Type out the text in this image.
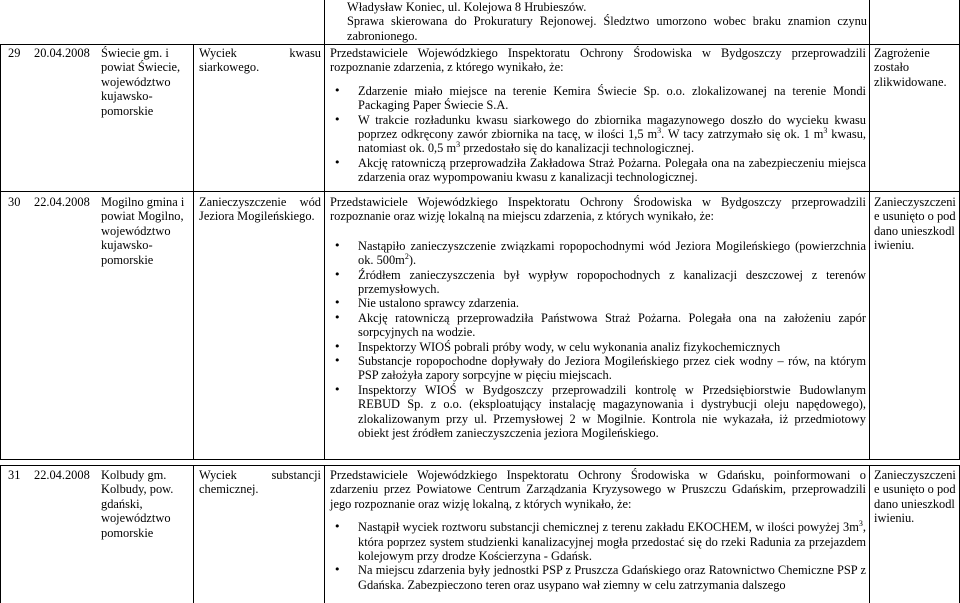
Władysław Koniec, ul. Kolejowa 8 Hrubieszów.
Sprawa skierowana do Prokuratury Rejonowej. Śledztwo umorzono wobec braku znamion czynu zabronionego.
29 20.04.2008 Świecie gm. i powiat Świecie, województwo kujawsko-pomorskie
Wyciek kwasu siarkowego.
Przedstawiciele Wojewódzkiego Inspektoratu Ochrony Środowiska w Bydgoszczy przeprowadzili rozpoznanie zdarzenia, z którego wynikało, że:
• Zdarzenie miało miejsce na terenie Kemira Świecie Sp. o.o. zlokalizowanej na terenie Mondi Packaging Paper Świecie S.A.
• W trakcie rozładunku kwasu siarkowego do zbiornika magazynowego doszło do wycieku kwasu poprzez odkręcony zawór zbiornika na tacę, w ilości 1,5 $m^3$. W tacy zatrzymało się ok. 1 $m^3$ kwasu, natomiast ok. 0,5 $m^3$ przedostało się do kanalizacji technologicznej.
• Akcję ratowniczą przeprowadziła Zakładowa Straż Pożarna. Polegała ona na zabezpieczeniu miejsca zdarzenia oraz wypompowaniu kwasu z kanalizacji technologicznej.
Zagrożenie zostało zlikwidowane.
30 22.04.2008 Mogilno gmina i powiat Mogilno, województwo kujawsko-pomorskie
Zanieczyszczenie wód Jeziora Mogileńskiego.
Przedstawiciele Wojewódzkiego Inspektoratu Ochrony Środowiska w Bydgoszczy przeprowadzili rozpoznanie oraz wizję lokalną na miejscu zdarzenia, z których wynikało, że:
• Nastąpiło zanieczyszczenie związkami ropopochodnymi wód Jeziora Mogileńskiego (powierzchnia ok. $500m^2$).
• Źródłem zanieczyszczenia był wypływ ropopochodnych z kanalizacji deszczowej z terenów przemysłowych.
• Nie ustalono sprawcy zdarzenia.
• Akcję ratowniczą przeprowadziła Państwowa Straż Pożarna. Polegała ona na założeniu zapór sorpcyjnych na wodzie.
• Inspektorzy WIOŚ pobrali próby wody, w celu wykonania analiz fizykochemicznych
• Substancje ropopochodne dopływały do Jeziora Mogileńskiego przez ciek wodny – rów, na którym PSP założyła zapory sorpcyjne w pięciu miejscach.
• Inspektorzy WIOŚ w Bydgoszczy przeprowadzili kontrolę w Przedsiębiorstwie Budowlanym REBUD Sp. z o.o. (eksploatujący instalację magazynowania i dystrybucji oleju napędowego), zlokalizowanym przy ul. Przemysłowej 2 w Mogilnie. Kontrola nie wykazała, iż przedmiotowy obiekt jest źródłem zanieczyszczenia jeziora Mogileńskiego.
Zanieczyszczenie usunięto o poddano unieszkodliwieniu.
31 22.04.2008 Kolbudy gm. Kolbudy, pow. gdański, województwo pomorskie
Wyciek substancji chemicznej.
Przedstawiciele Wojewódzkiego Inspektoratu Ochrony Środowiska w Gdańsku, poinformowani o zdarzeniu przez Powiatowe Centrum Zarządzania Kryzysowego w Pruszczu Gdańskim, przeprowadzili jego rozpoznanie oraz wizję lokalną, z których wynikało, że:
• Nastąpił wyciek roztworu substancji chemicznej z terenu zakładu EKOCHEM, w ilości powyżej $3m^3$, która poprzez system studzienki kanalizacyjnej mogła przedostać się do rzeki Radunia za przejazdem kolejowym przy drodze Kościerzyna - Gdańsk.
• Na miejscu zdarzenia były jednostki PSP z Pruszcza Gdańskiego oraz Ratownictwo Chemiczne PSP z Gdańska. Zabezpieczono teren oraz usypano wał ziemny w celu zatrzymania dalszego
Zanieczyszczenie usunięto o poddano unieszkodliwieniu.
